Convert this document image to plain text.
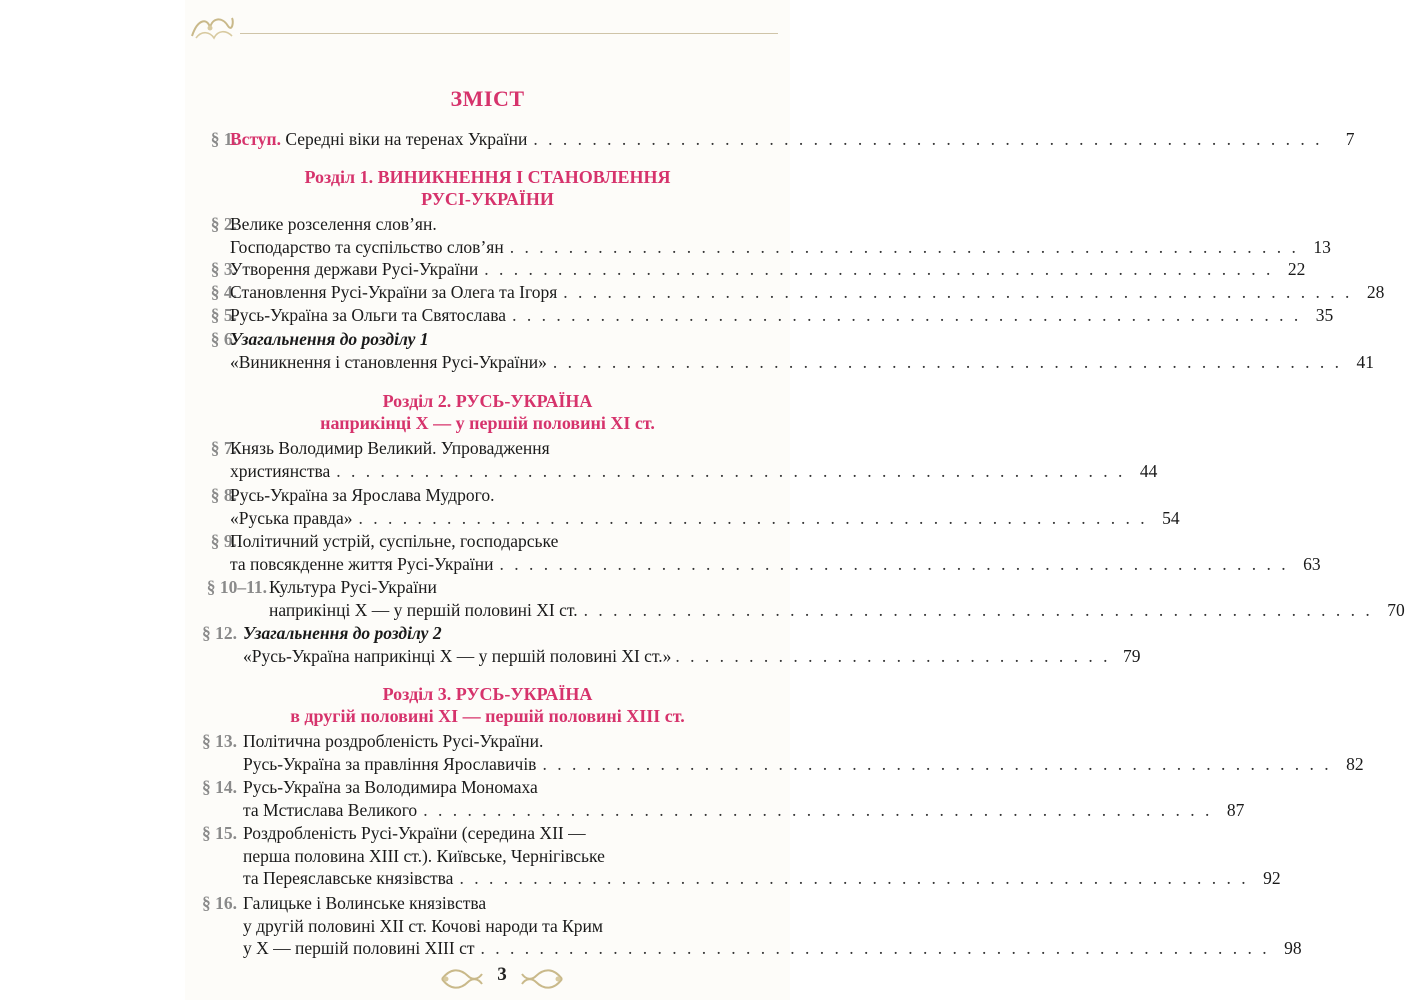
ЗМІСТ
§ 1.
Вступ. Середні віки на теренах України . . . . . . . . . . . . . . . . . . . . . . . . . . . . . . . . . . . . . . . . . . . . . . . . . . . . . .	7
Розділ 1. ВИНИКНЕННЯ І СТАНОВЛЕННЯ
РУСІ-УКРАЇНИ
§ 2.
Велике розселення слов’ян.
Господарство та суспільство слов’ян . . . . . . . . . . . . . . . . . . . . . . . . . . . . . . . . . . . . . . . . . . . . . . . . . . . . . . 13
§ 3.
Утворення держави Русі-України . . . . . . . . . . . . . . . . . . . . . . . . . . . . . . . . . . . . . . . . . . . . . . . . . . . . . . 22
§ 4.
Становлення Русі-України за Олега та Ігоря . . . . . . . . . . . . . . . . . . . . . . . . . . . . . . . . . . . . . . . . . . . . . . . . . . . . . . 28
§ 5.
Русь-Україна за Ольги та Святослава . . . . . . . . . . . . . . . . . . . . . . . . . . . . . . . . . . . . . . . . . . . . . . . . . . . . . . 35
§ 6.
Узагальнення до розділу 1
«Виникнення і становлення Русі-України» . . . . . . . . . . . . . . . . . . . . . . . . . . . . . . . . . . . . . . . . . . . . . . . . . . . . . . 41
Розділ 2. РУСЬ-УКРАЇНА
наприкінці Х — у першій половині ХІ ст.
§ 7.
Князь Володимир Великий. Упровадження
християнства . . . . . . . . . . . . . . . . . . . . . . . . . . . . . . . . . . . . . . . . . . . . . . . . . . . . . . 44
§ 8.
Русь-Україна за Ярослава Мудрого.
«Руська правда» . . . . . . . . . . . . . . . . . . . . . . . . . . . . . . . . . . . . . . . . . . . . . . . . . . . . . . 54
§ 9.
Політичний устрій, суспільне, господарське
та повсякденне життя Русі-України . . . . . . . . . . . . . . . . . . . . . . . . . . . . . . . . . . . . . . . . . . . . . . . . . . . . . . 63
§ 10–11. Культура Русі-України
наприкінці Х — у першій половині ХІ ст. . . . . . . . . . . . . . . . . . . . . . . . . . . . . . . . . . . . . . . . . . . . . . . . . . . . . . . 70
§ 12. Узагальнення до розділу 2
«Русь-Україна наприкінці Х — у першій половині ХІ ст.» . . . . . . . . . . . . . . . . . . . . . . . . . . . . . . 79
Розділ 3. РУСЬ-УКРАЇНА
в другій половині ХІ — першій половині ХІІІ ст.
§ 13. Політична роздробленість Русі-України.
Русь-Україна за правління Ярославичів . . . . . . . . . . . . . . . . . . . . . . . . . . . . . . . . . . . . . . . . . . . . . . . . . . . . . . 82
§ 14. Русь-Україна за Володимира Мономаха
та Мстислава Великого . . . . . . . . . . . . . . . . . . . . . . . . . . . . . . . . . . . . . . . . . . . . . . . . . . . . . . 87
§ 15. Роздробленість Русі-України (середина ХІІ —
перша половина ХІІІ ст.). Київське, Чернігівське
та Переяславське князівства . . . . . . . . . . . . . . . . . . . . . . . . . . . . . . . . . . . . . . . . . . . . . . . . . . . . . . 92
§ 16. Галицьке і Волинське князівства
у другій половині ХІІ ст. Кочові народи та Крим
у Х — першій половині ХІІІ ст . . . . . . . . . . . . . . . . . . . . . . . . . . . . . . . . . . . . . . . . . . . . . . . . . . . . . . 98
3
